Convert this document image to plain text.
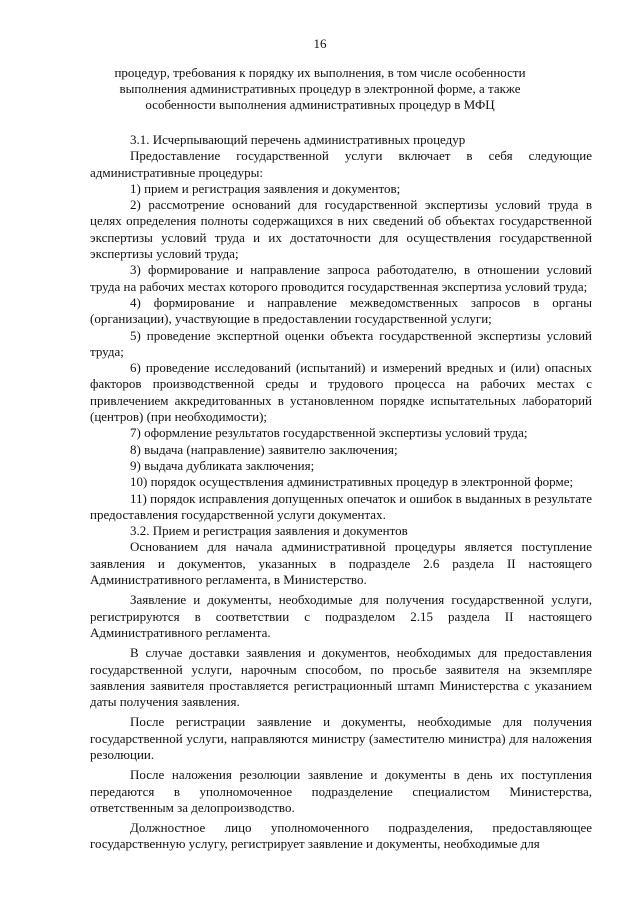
16
процедур, требования к порядку их выполнения, в том числе особенности выполнения административных процедур в электронной форме, а также особенности выполнения административных процедур в МФЦ

3.1. Исчерпывающий перечень административных процедур

Предоставление государственной услуги включает в себя следующие административные процедуры:

1) прием и регистрация заявления и документов;

2) рассмотрение оснований для государственной экспертизы условий труда в целях определения полноты содержащихся в них сведений об объектах государственной экспертизы условий труда и их достаточности для осуществления государственной экспертизы условий труда;

3) формирование и направление запроса работодателю, в отношении условий труда на рабочих местах которого проводится государственная экспертиза условий труда;

4) формирование и направление межведомственных запросов в органы (организации), участвующие в предоставлении государственной услуги;

5) проведение экспертной оценки объекта государственной экспертизы условий труда;

6) проведение исследований (испытаний) и измерений вредных и (или) опасных факторов производственной среды и трудового процесса на рабочих местах с привлечением аккредитованных в установленном порядке испытательных лабораторий (центров) (при необходимости);

7) оформление результатов государственной экспертизы условий труда;

8) выдача (направление) заявителю заключения;

9) выдача дубликата заключения;

10) порядок осуществления административных процедур в электронной форме;

11) порядок исправления допущенных опечаток и ошибок в выданных в результате предоставления государственной услуги документах.

3.2. Прием и регистрация заявления и документов

Основанием для начала административной процедуры является поступление заявления и документов, указанных в подразделе 2.6 раздела II настоящего Административного регламента, в Министерство.

Заявление и документы, необходимые для получения государственной услуги, регистрируются в соответствии с подразделом 2.15 раздела II настоящего Административного регламента.

В случае доставки заявления и документов, необходимых для предоставления государственной услуги, нарочным способом, по просьбе заявителя на экземпляре заявления заявителя проставляется регистрационный штамп Министерства с указанием даты получения заявления.

После регистрации заявление и документы, необходимые для получения государственной услуги, направляются министру (заместителю министра) для наложения резолюции.

После наложения резолюции заявление и документы в день их поступления передаются в уполномоченное подразделение специалистом Министерства, ответственным за делопроизводство.

Должностное лицо уполномоченного подразделения, предоставляющее государственную услугу, регистрирует заявление и документы, необходимые для
